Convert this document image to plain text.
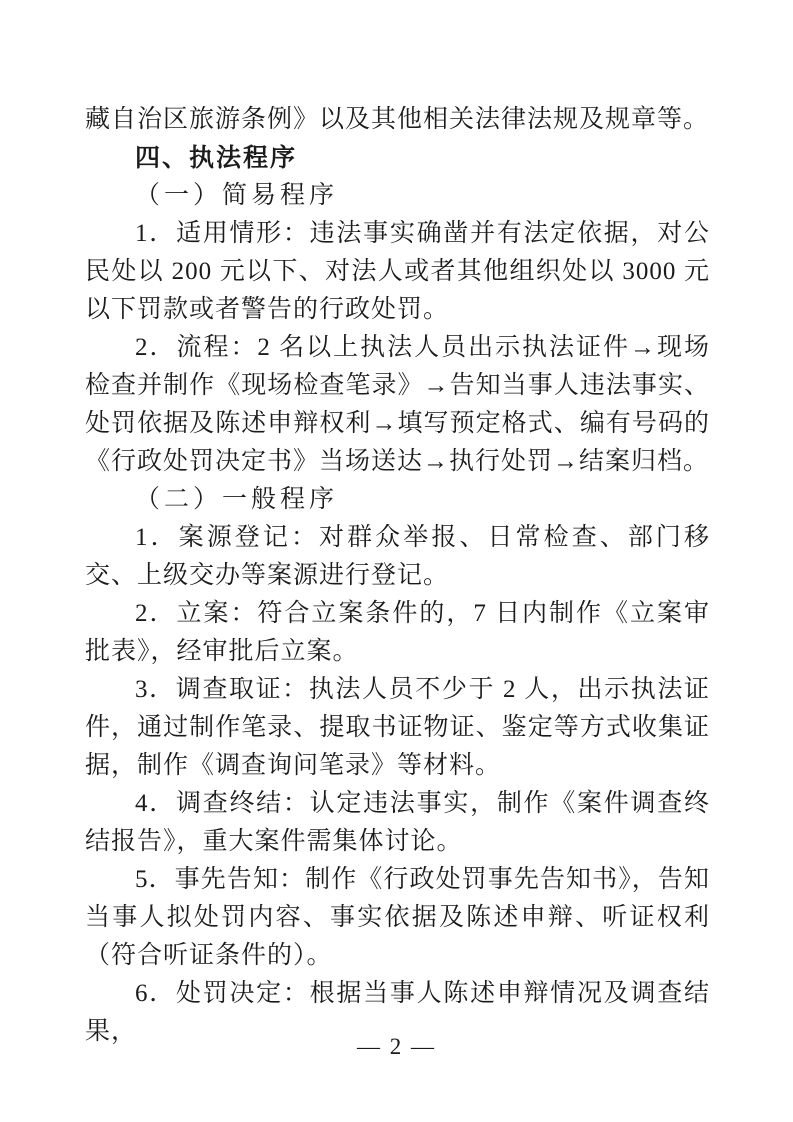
藏自治区旅游条例》以及其他相关法律法规及规章等。
四、执法程序
（一）简易程序
1．适用情形：违法事实确凿并有法定依据，对公民处以 200 元以下、对法人或者其他组织处以 3000 元以下罚款或者警告的行政处罚。
2．流程：2 名以上执法人员出示执法证件→现场检查并制作《现场检查笔录》→告知当事人违法事实、处罚依据及陈述申辩权利→填写预定格式、编有号码的《行政处罚决定书》当场送达→执行处罚→结案归档。
（二）一般程序
1．案源登记：对群众举报、日常检查、部门移交、上级交办等案源进行登记。
2．立案：符合立案条件的，7 日内制作《立案审批表》，经审批后立案。
3．调查取证：执法人员不少于 2 人，出示执法证件，通过制作笔录、提取书证物证、鉴定等方式收集证据，制作《调查询问笔录》等材料。
4．调查终结：认定违法事实，制作《案件调查终结报告》，重大案件需集体讨论。
5．事先告知：制作《行政处罚事先告知书》，告知当事人拟处罚内容、事实依据及陈述申辩、听证权利（符合听证条件的）。
6．处罚决定：根据当事人陈述申辩情况及调查结果，
— 2 —
